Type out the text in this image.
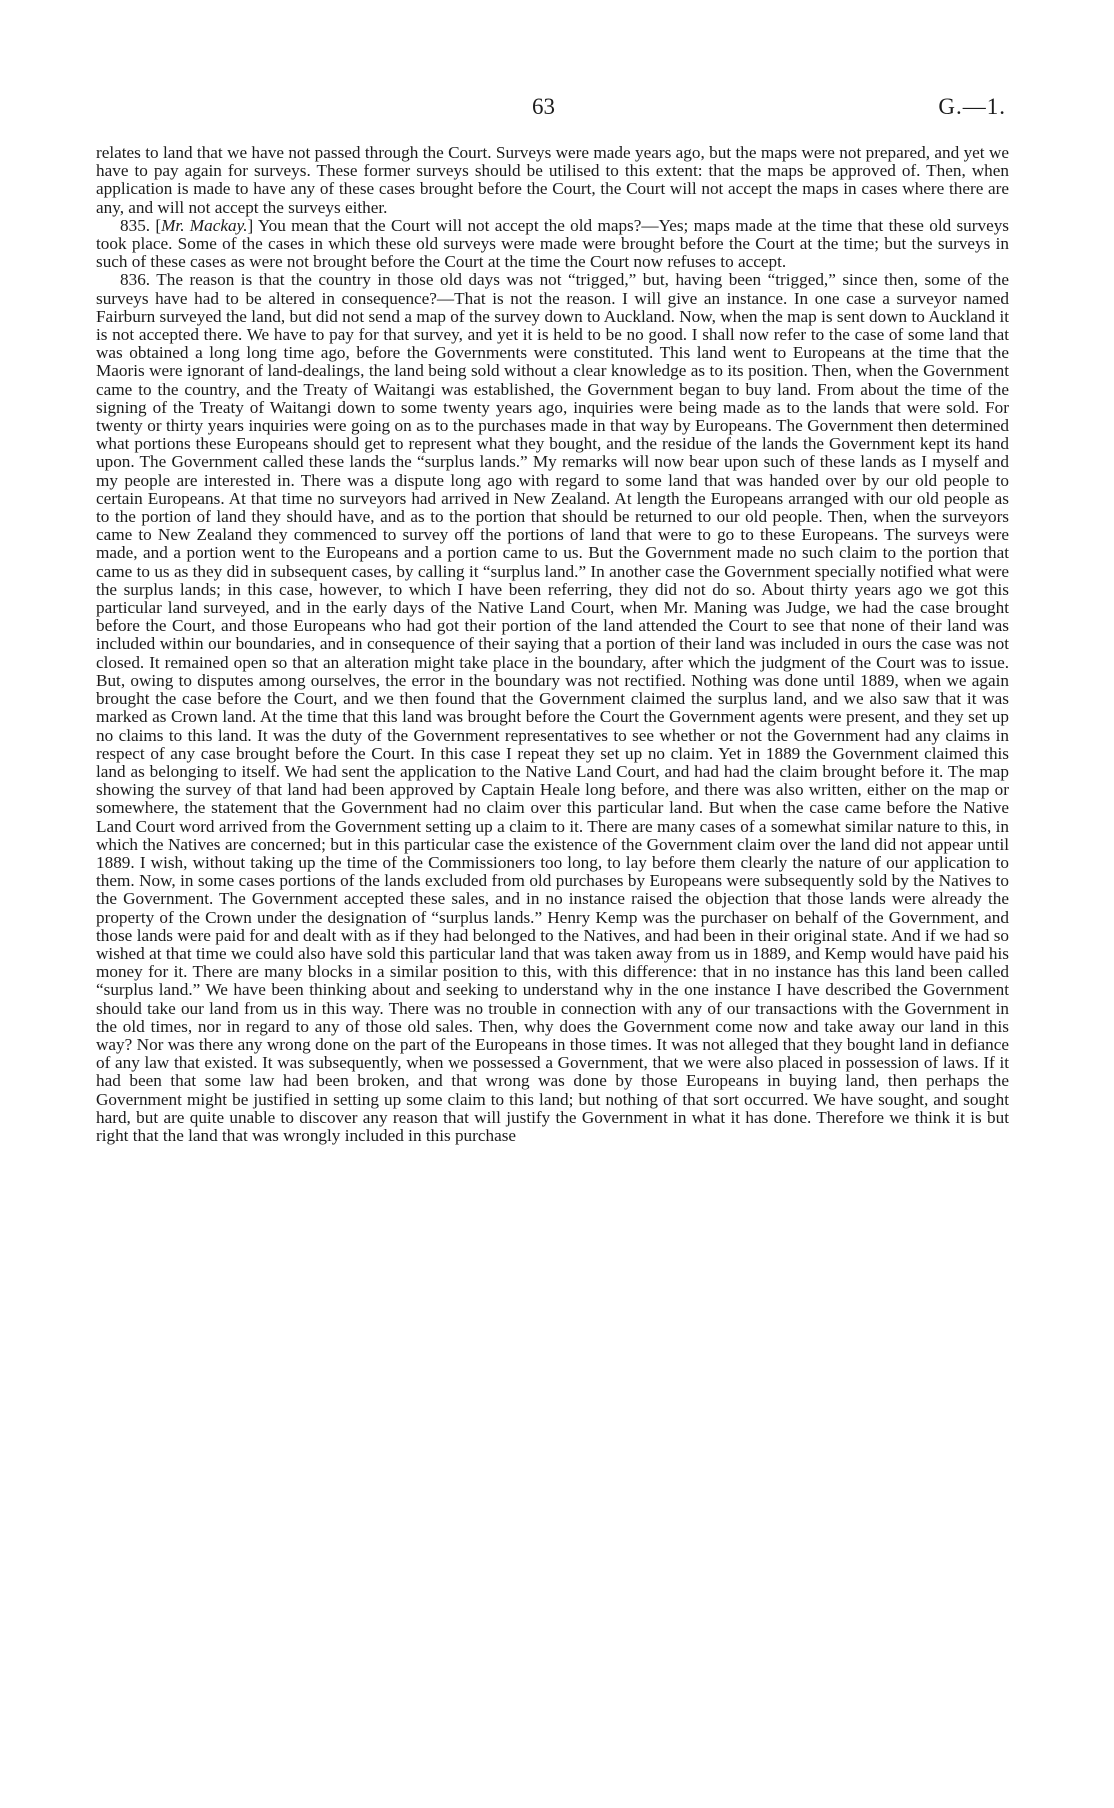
63	G.—1.

relates to land that we have not passed through the Court. Surveys were made years ago, but the maps were not prepared, and yet we have to pay again for surveys. These former surveys should be utilised to this extent: that the maps be approved of. Then, when application is made to have any of these cases brought before the Court, the Court will not accept the maps in cases where there are any, and will not accept the surveys either.

835. [Mr. Mackay.] You mean that the Court will not accept the old maps?—Yes; maps made at the time that these old surveys took place. Some of the cases in which these old surveys were made were brought before the Court at the time; but the surveys in such of these cases as were not brought before the Court at the time the Court now refuses to accept.

836. The reason is that the country in those old days was not “trigged,” but, having been “trigged,” since then, some of the surveys have had to be altered in consequence?—That is not the reason. I will give an instance. In one case a surveyor named Fairburn surveyed the land, but did not send a map of the survey down to Auckland. Now, when the map is sent down to Auckland it is not accepted there. We have to pay for that survey, and yet it is held to be no good. I shall now refer to the case of some land that was obtained a long long time ago, before the Governments were constituted. This land went to Europeans at the time that the Maoris were ignorant of land-dealings, the land being sold without a clear knowledge as to its position. Then, when the Government came to the country, and the Treaty of Waitangi was established, the Government began to buy land. From about the time of the signing of the Treaty of Waitangi down to some twenty years ago, inquiries were being made as to the lands that were sold. For twenty or thirty years inquiries were going on as to the purchases made in that way by Europeans. The Government then determined what portions these Europeans should get to represent what they bought, and the residue of the lands the Government kept its hand upon. The Government called these lands the “surplus lands.” My remarks will now bear upon such of these lands as I myself and my people are interested in. There was a dispute long ago with regard to some land that was handed over by our old people to certain Europeans. At that time no surveyors had arrived in New Zealand. At length the Europeans arranged with our old people as to the portion of land they should have, and as to the portion that should be returned to our old people. Then, when the surveyors came to New Zealand they commenced to survey off the portions of land that were to go to these Europeans. The surveys were made, and a portion went to the Europeans and a portion came to us. But the Government made no such claim to the portion that came to us as they did in subsequent cases, by calling it “surplus land.” In another case the Government specially notified what were the surplus lands; in this case, however, to which I have been referring, they did not do so. About thirty years ago we got this particular land surveyed, and in the early days of the Native Land Court, when Mr. Maning was Judge, we had the case brought before the Court, and those Europeans who had got their portion of the land attended the Court to see that none of their land was included within our boundaries, and in consequence of their saying that a portion of their land was included in ours the case was not closed. It remained open so that an alteration might take place in the boundary, after which the judgment of the Court was to issue. But, owing to disputes among ourselves, the error in the boundary was not rectified. Nothing was done until 1889, when we again brought the case before the Court, and we then found that the Government claimed the surplus land, and we also saw that it was marked as Crown land. At the time that this land was brought before the Court the Government agents were present, and they set up no claims to this land. It was the duty of the Government representatives to see whether or not the Government had any claims in respect of any case brought before the Court. In this case I repeat they set up no claim. Yet in 1889 the Government claimed this land as belonging to itself. We had sent the application to the Native Land Court, and had had the claim brought before it. The map showing the survey of that land had been approved by Captain Heale long before, and there was also written, either on the map or somewhere, the statement that the Government had no claim over this particular land. But when the case came before the Native Land Court word arrived from the Government setting up a claim to it. There are many cases of a somewhat similar nature to this, in which the Natives are concerned; but in this particular case the existence of the Government claim over the land did not appear until 1889. I wish, without taking up the time of the Commissioners too long, to lay before them clearly the nature of our application to them. Now, in some cases portions of the lands excluded from old purchases by Europeans were subsequently sold by the Natives to the Government. The Government accepted these sales, and in no instance raised the objection that those lands were already the property of the Crown under the designation of “surplus lands.” Henry Kemp was the purchaser on behalf of the Government, and those lands were paid for and dealt with as if they had belonged to the Natives, and had been in their original state. And if we had so wished at that time we could also have sold this particular land that was taken away from us in 1889, and Kemp would have paid his money for it. There are many blocks in a similar position to this, with this difference: that in no instance has this land been called “surplus land.” We have been thinking about and seeking to understand why in the one instance I have described the Government should take our land from us in this way. There was no trouble in connection with any of our transactions with the Government in the old times, nor in regard to any of those old sales. Then, why does the Government come now and take away our land in this way? Nor was there any wrong done on the part of the Europeans in those times. It was not alleged that they bought land in defiance of any law that existed. It was subsequently, when we possessed a Government, that we were also placed in possession of laws. If it had been that some law had been broken, and that wrong was done by those Europeans in buying land, then perhaps the Government might be justified in setting up some claim to this land; but nothing of that sort occurred. We have sought, and sought hard, but are quite unable to discover any reason that will justify the Government in what it has done. Therefore we think it is but right that the land that was wrongly included in this purchase
